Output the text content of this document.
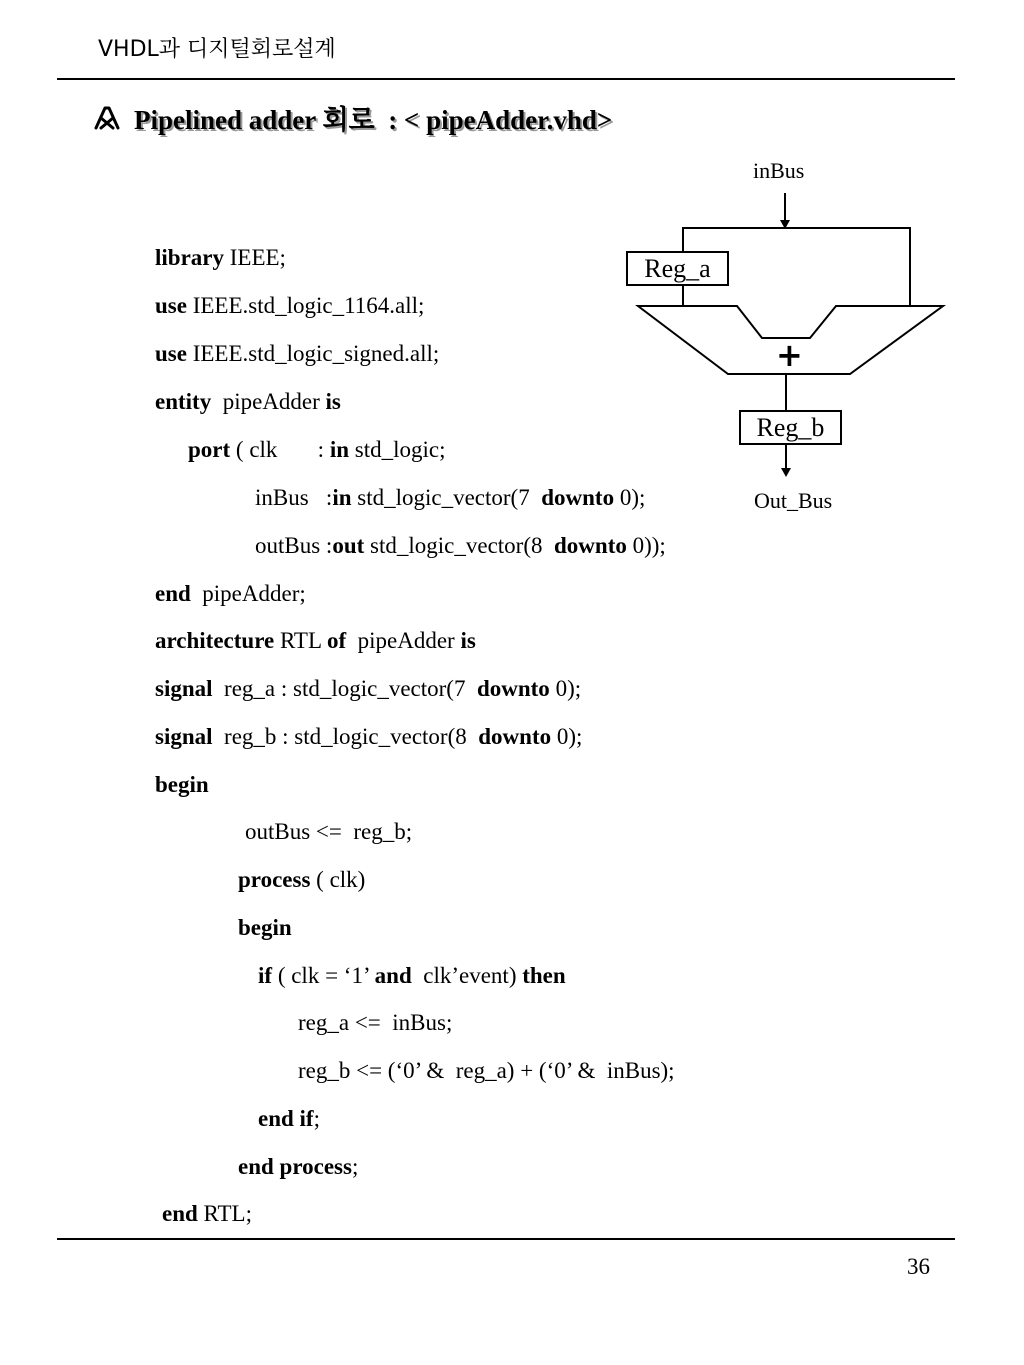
VHDL과 디지털회로설계
Pipelined adder 회로  : < pipeAdder.vhd>
library IEEE;
use IEEE.std_logic_1164.all;
use IEEE.std_logic_signed.all;
entity  pipeAdder is
port ( clk       : in std_logic;
inBus   :in std_logic_vector(7  downto 0);
outBus :out std_logic_vector(8  downto 0));
end  pipeAdder;
architecture RTL of  pipeAdder is
signal  reg_a : std_logic_vector(7  downto 0);
signal  reg_b : std_logic_vector(8  downto 0);
begin
outBus <=  reg_b;
process ( clk)
begin
if ( clk = ‘1’ and  clk’event) then
reg_a <=  inBus;
reg_b <= (‘0’ &  reg_a) + (‘0’ &  inBus);
end if;
end process;
end RTL;
inBus
Reg_a
+
Reg_b
Out_Bus
36
